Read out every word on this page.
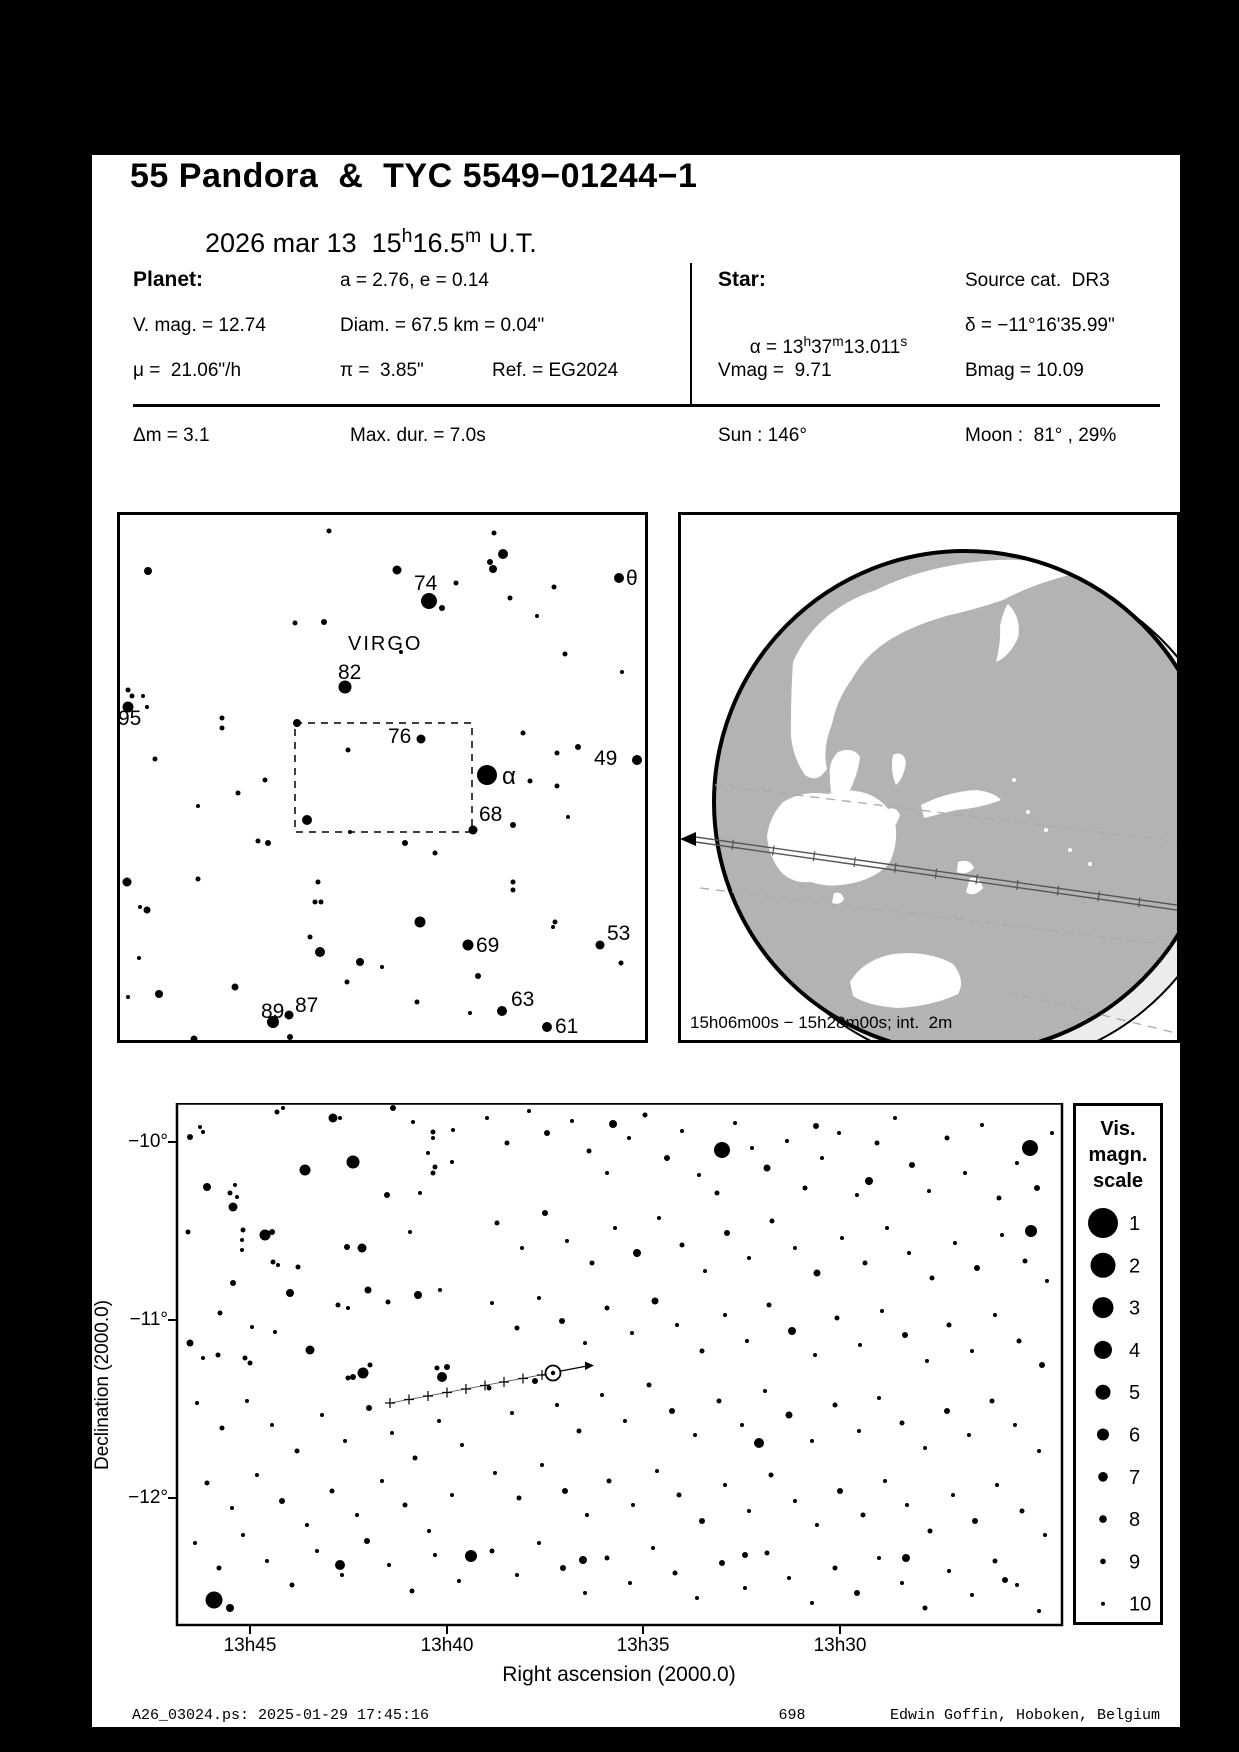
55 Pandora  &  TYC 5549−01244−1

2026 mar 13  15$^h$16.5$^m$ U.T.

Planet:	a = 2.76, e = 0.14
V. mag. = 12.74	Diam. = 67.5 km = 0.04"
μ =  21.06"/h	π =  3.85"	Ref. = EG2024
Star:	Source cat.  DR3

$\alpha = 13^h37^m13.011^s$

δ = −11°16'35.99"
Vmag =  9.71	Bmag = 10.09
Δm = 3.1	Max. dur. = 7.0s	Sun : 146°	Moon :  81° , 29%
74	θ
VIRGO
82
95
76
α
49
68
69
53
63
61
89 87
15h06m00s − 15h28m00s; int.  2m
−10°
−11°
−12°
13h45	13h40	13h35	13h30
Declination (2000.0)
Right ascension (2000.0)
Vis.
magn.
scale
1
2
3
4
5
6
7
8
9
10
A26_03024.ps: 2025-01-29 17:45:16	698	Edwin Goffin, Hoboken, Belgium
